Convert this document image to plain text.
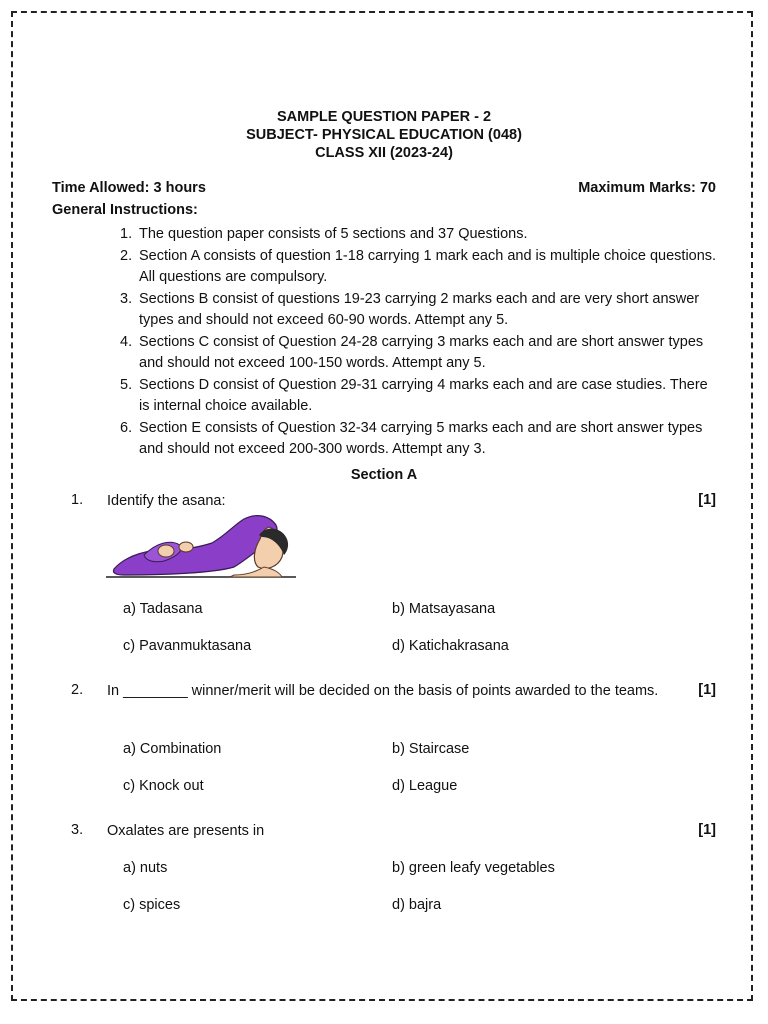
SAMPLE QUESTION PAPER - 2
SUBJECT- PHYSICAL EDUCATION (048)
CLASS XII (2023-24)
Time Allowed: 3 hours	Maximum Marks: 70
General Instructions:
1. The question paper consists of 5 sections and 37 Questions.
2. Section A consists of question 1-18 carrying 1 mark each and is multiple choice questions. All questions are compulsory.
3. Sections B consist of questions 19-23 carrying 2 marks each and are very short answer types and should not exceed 60-90 words. Attempt any 5.
4. Sections C consist of Question 24-28 carrying 3 marks each and are short answer types and should not exceed 100-150 words. Attempt any 5.
5. Sections D consist of Question 29-31 carrying 4 marks each and are case studies. There is internal choice available.
6. Section E consists of Question 32-34 carrying 5 marks each and are short answer types and should not exceed 200-300 words. Attempt any 3.
Section A
1. Identify the asana:	[1]
a) Tadasana	b) Matsayasana
c) Pavanmuktasana	d) Katichakrasana
2. In ________ winner/merit will be decided on the basis of points awarded to the teams.	[1]
a) Combination	b) Staircase
c) Knock out	d) League
3. Oxalates are presents in	[1]
a) nuts	b) green leafy vegetables
c) spices	d) bajra
